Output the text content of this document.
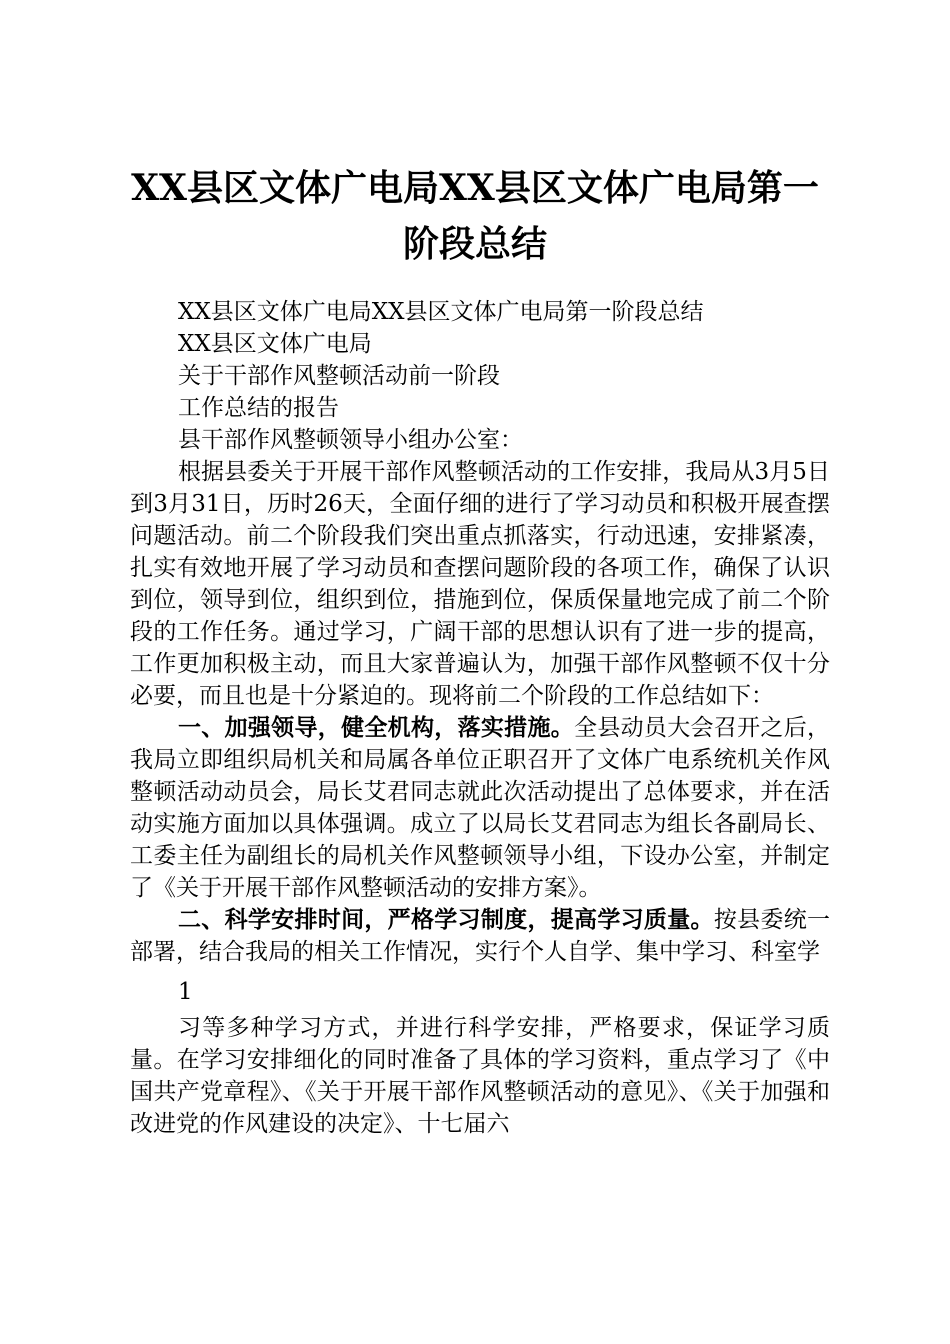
XX县区文体广电局XX县区文体广电局第一阶段总结

XX县区文体广电局XX县区文体广电局第一阶段总结

XX县区文体广电局

关于干部作风整顿活动前一阶段

工作总结的报告

县干部作风整顿领导小组办公室：

根据县委关于开展干部作风整顿活动的工作安排，我局从3月5日到3月31日，历时26天，全面仔细的进行了学习动员和积极开展查摆问题活动。前二个阶段我们突出重点抓落实，行动迅速，安排紧凑，扎实有效地开展了学习动员和查摆问题阶段的各项工作，确保了认识到位，领导到位，组织到位，措施到位，保质保量地完成了前二个阶段的工作任务。通过学习，广阔干部的思想认识有了进一步的提高，工作更加积极主动，而且大家普遍认为，加强干部作风整顿不仅十分必要，而且也是十分紧迫的。现将前二个阶段的工作总结如下：

一、加强领导，健全机构，落实措施。全县动员大会召开之后，我局立即组织局机关和局属各单位正职召开了文体广电系统机关作风整顿活动动员会，局长艾君同志就此次活动提出了总体要求，并在活动实施方面加以具体强调。成立了以局长艾君同志为组长各副局长、工委主任为副组长的局机关作风整顿领导小组，下设办公室，并制定了《关于开展干部作风整顿活动的安排方案》。

二、科学安排时间，严格学习制度，提高学习质量。按县委统一部署，结合我局的相关工作情况，实行个人自学、集中学习、科室学

1

习等多种学习方式，并进行科学安排，严格要求，保证学习质量。在学习安排细化的同时准备了具体的学习资料，重点学习了《中国共产党章程》、《关于开展干部作风整顿活动的意见》、《关于加强和改进党的作风建设的决定》、十七届六
